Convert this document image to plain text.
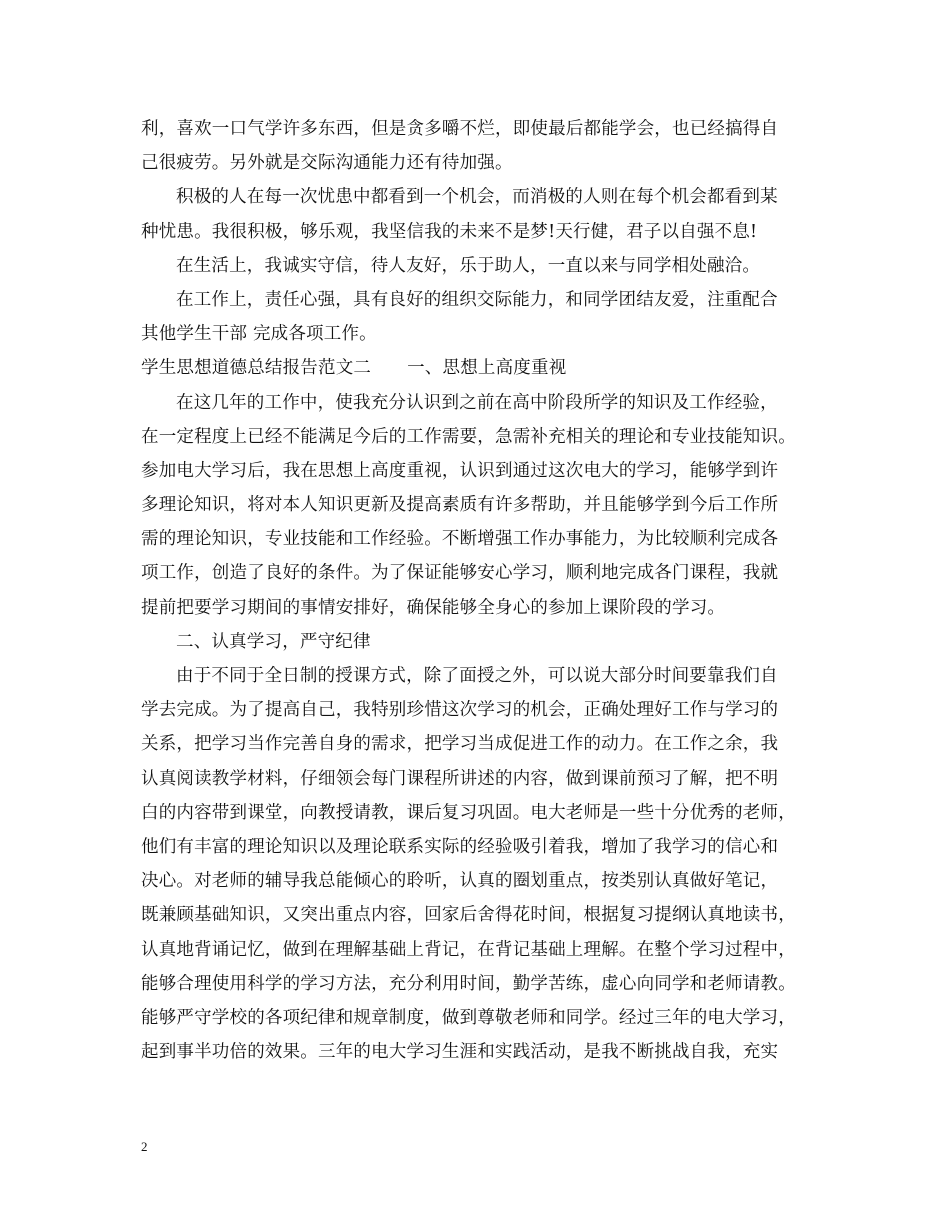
利，喜欢一口气学许多东西，但是贪多嚼不烂，即使最后都能学会，也已经搞得自
己很疲劳。另外就是交际沟通能力还有待加强。
积极的人在每一次忧患中都看到一个机会，而消极的人则在每个机会都看到某
种忧患。我很积极，够乐观，我坚信我的未来不是梦!天行健，君子以自强不息!
在生活上，我诚实守信，待人友好，乐于助人，一直以来与同学相处融洽。
在工作上，责任心强，具有良好的组织交际能力，和同学团结友爱，注重配合
其他学生干部 完成各项工作。
学生思想道德总结报告范文二 一、思想上高度重视
在这几年的工作中，使我充分认识到之前在高中阶段所学的知识及工作经验，
在一定程度上已经不能满足今后的工作需要，急需补充相关的理论和专业技能知识。
参加电大学习后，我在思想上高度重视，认识到通过这次电大的学习，能够学到许
多理论知识，将对本人知识更新及提高素质有许多帮助，并且能够学到今后工作所
需的理论知识，专业技能和工作经验。不断增强工作办事能力，为比较顺利完成各
项工作，创造了良好的条件。为了保证能够安心学习，顺利地完成各门课程，我就
提前把要学习期间的事情安排好，确保能够全身心的参加上课阶段的学习。
二、认真学习，严守纪律
由于不同于全日制的授课方式，除了面授之外，可以说大部分时间要靠我们自
学去完成。为了提高自己，我特别珍惜这次学习的机会，正确处理好工作与学习的
关系，把学习当作完善自身的需求，把学习当成促进工作的动力。在工作之余，我
认真阅读教学材料，仔细领会每门课程所讲述的内容，做到课前预习了解，把不明
白的内容带到课堂，向教授请教，课后复习巩固。电大老师是一些十分优秀的老师，
他们有丰富的理论知识以及理论联系实际的经验吸引着我，增加了我学习的信心和
决心。对老师的辅导我总能倾心的聆听，认真的圈划重点，按类别认真做好笔记，
既兼顾基础知识，又突出重点内容，回家后舍得花时间，根据复习提纲认真地读书，
认真地背诵记忆，做到在理解基础上背记，在背记基础上理解。在整个学习过程中，
能够合理使用科学的学习方法，充分利用时间，勤学苦练，虚心向同学和老师请教。
能够严守学校的各项纪律和规章制度，做到尊敬老师和同学。经过三年的电大学习，
起到事半功倍的效果。三年的电大学习生涯和实践活动，是我不断挑战自我，充实
2
